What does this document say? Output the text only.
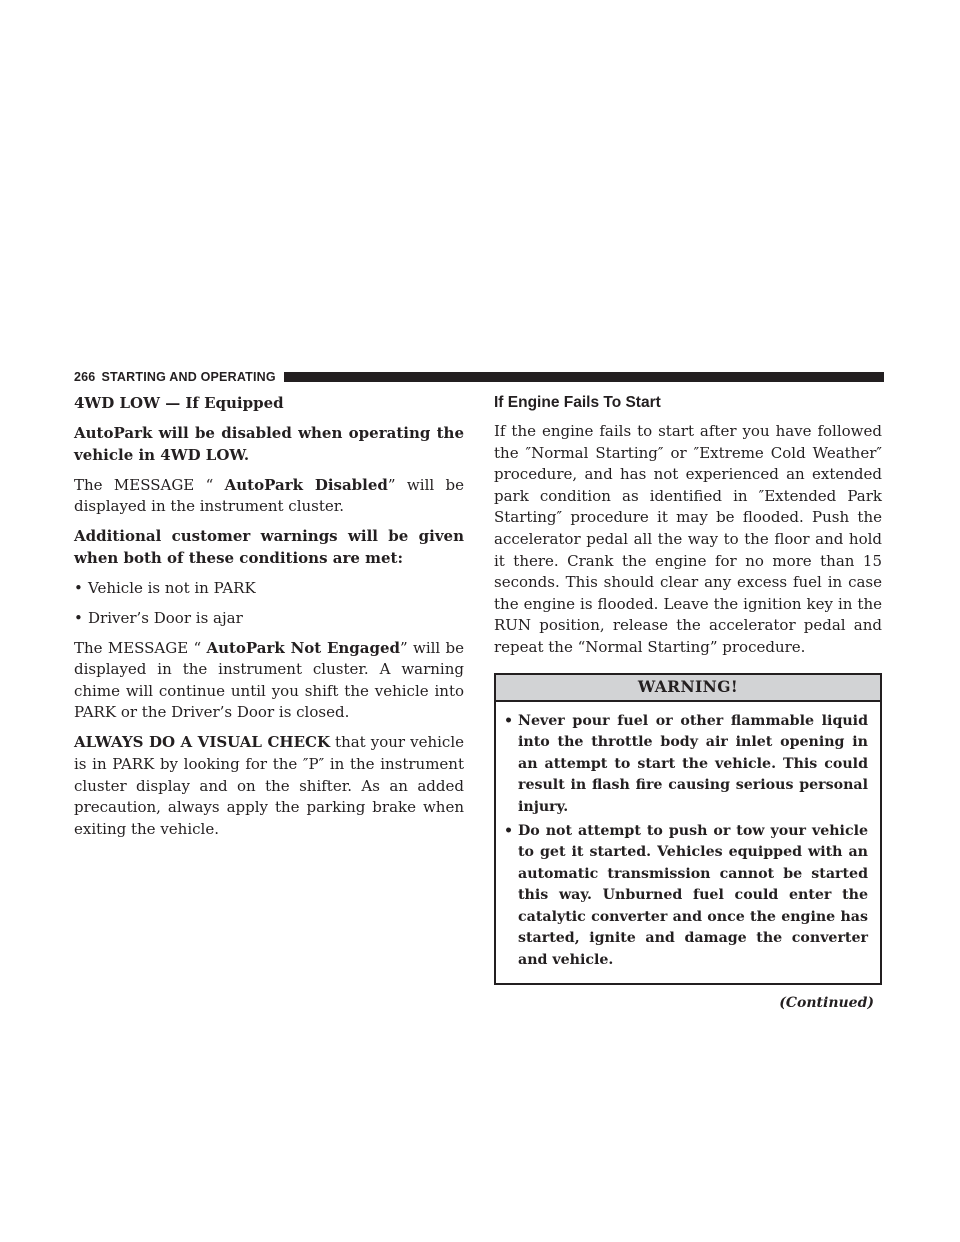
266 STARTING AND OPERATING

4WD LOW — If Equipped

AutoPark will be disabled when operating the vehicle in 4WD LOW.

The MESSAGE “ AutoPark Disabled” will be displayed in the instrument cluster.

Additional customer warnings will be given when both of these conditions are met:

• Vehicle is not in PARK
• Driver’s Door is ajar

The MESSAGE “ AutoPark Not Engaged” will be displayed in the instrument cluster. A warning chime will continue until you shift the vehicle into PARK or the Driver’s Door is closed.

ALWAYS DO A VISUAL CHECK that your vehicle is in PARK by looking for the ″P″ in the instrument cluster display and on the shifter. As an added precaution, always apply the parking brake when exiting the vehicle.

If Engine Fails To Start

If the engine fails to start after you have followed the ″Normal Starting″ or ″Extreme Cold Weather″ procedure, and has not experienced an extended park condition as identified in ″Extended Park Starting″ procedure it may be flooded. Push the accelerator pedal all the way to the floor and hold it there. Crank the engine for no more than 15 seconds. This should clear any excess fuel in case the engine is flooded. Leave the ignition key in the RUN position, release the accelerator pedal and repeat the “Normal Starting” procedure.

WARNING!
• Never pour fuel or other flammable liquid into the throttle body air inlet opening in an attempt to start the vehicle. This could result in flash fire causing serious personal injury.
• Do not attempt to push or tow your vehicle to get it started. Vehicles equipped with an automatic transmission cannot be started this way. Unburned fuel could enter the catalytic converter and once the engine has started, ignite and damage the converter and vehicle.
(Continued)
